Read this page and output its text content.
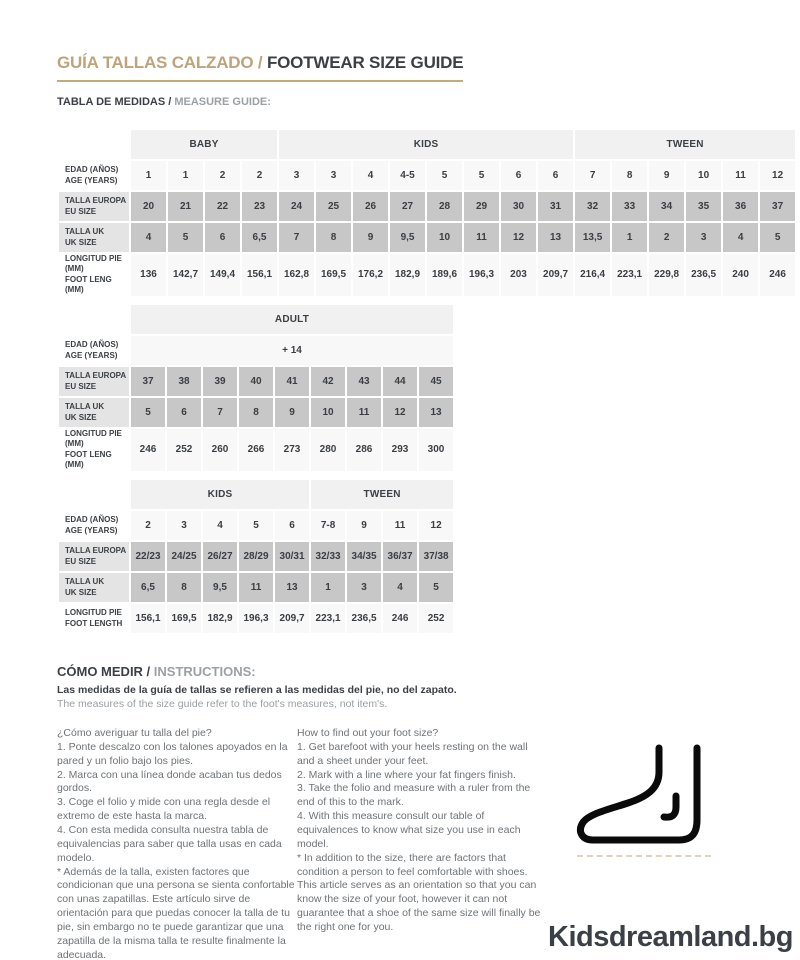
GUÍA TALLAS CALZADO / FOOTWEAR SIZE GUIDE
TABLA DE MEDIDAS / MEASURE GUIDE:
	BABY				KIDS								TWEEN					

EDAD (AÑOS)
AGE (YEARS)	1	1	2	2	3	3	4	4-5	5	5	6	6	7	8	9	10	11	12

TALLA EUROPA
EU SIZE	20	21	22	23	24	25	26	27	28	29	30	31	32	33	34	35	36	37

TALLA UK
UK SIZE	4	5	6	6,5	7	8	9	9,5	10	11	12	13	13,5	1	2	3	4	5

LONGITUD PIE (MM)
FOOT LENG (MM)	136	142,7	149,4	156,1	162,8	169,5	176,2	182,9	189,6	196,3	203	209,7	216,4	223,1	229,8	236,5	240	246
	ADULT								

EDAD (AÑOS)
AGE (YEARS)	+ 14								

TALLA EUROPA
EU SIZE	37	38	39	40	41	42	43	44	45

TALLA UK
UK SIZE	5	6	7	8	9	10	11	12	13

LONGITUD PIE (MM)
FOOT LENG (MM)	246	252	260	266	273	280	286	293	300
	KIDS					TWEEN			

EDAD (AÑOS)
AGE (YEARS)	2	3	4	5	6	7-8	9	11	12

TALLA EUROPA
EU SIZE	22/23	24/25	26/27	28/29	30/31	32/33	34/35	36/37	37/38

TALLA UK
UK SIZE	6,5	8	9,5	11	13	1	3	4	5

LONGITUD PIE
FOOT LENGTH	156,1	169,5	182,9	196,3	209,7	223,1	236,5	246	252
CÓMO MEDIR / INSTRUCTIONS:
Las medidas de la guía de tallas se refieren a las medidas del pie, no del zapato.
The measures of the size guide refer to the foot's measures, not item's.

¿Cómo averiguar tu talla del pie?

1. Ponte descalzo con los talones apoyados en la pared y un folio bajo los pies.

2. Marca con una línea donde acaban tus dedos gordos.

3. Coge el folio y mide con una regla desde el extremo de este hasta la marca.

4. Con esta medida consulta nuestra tabla de equivalencias para saber que talla usas en cada modelo.

* Además de la talla, existen factores que condicionan que una persona se sienta confortable con unas zapatillas. Este artículo sirve de orientación para que puedas conocer la talla de tu pie, sin embargo no te puede garantizar que una zapatilla de la misma talla te resulte finalmente la adecuada.

How to find out your foot size?

1. Get barefoot with your heels resting on the wall and a sheet under your feet.

2. Mark with a line where your fat fingers finish.

3. Take the folio and measure with a ruler from the end of this to the mark.

4. With this measure consult our table of equivalences to know what size you use in each model.

* In addition to the size, there are factors that condition a person to feel comfortable with shoes. This article serves as an orientation so that you can know the size of your foot, however it can not guarantee that a shoe of the same size will finally be the right one for you.	Kidsdreamland.bg
